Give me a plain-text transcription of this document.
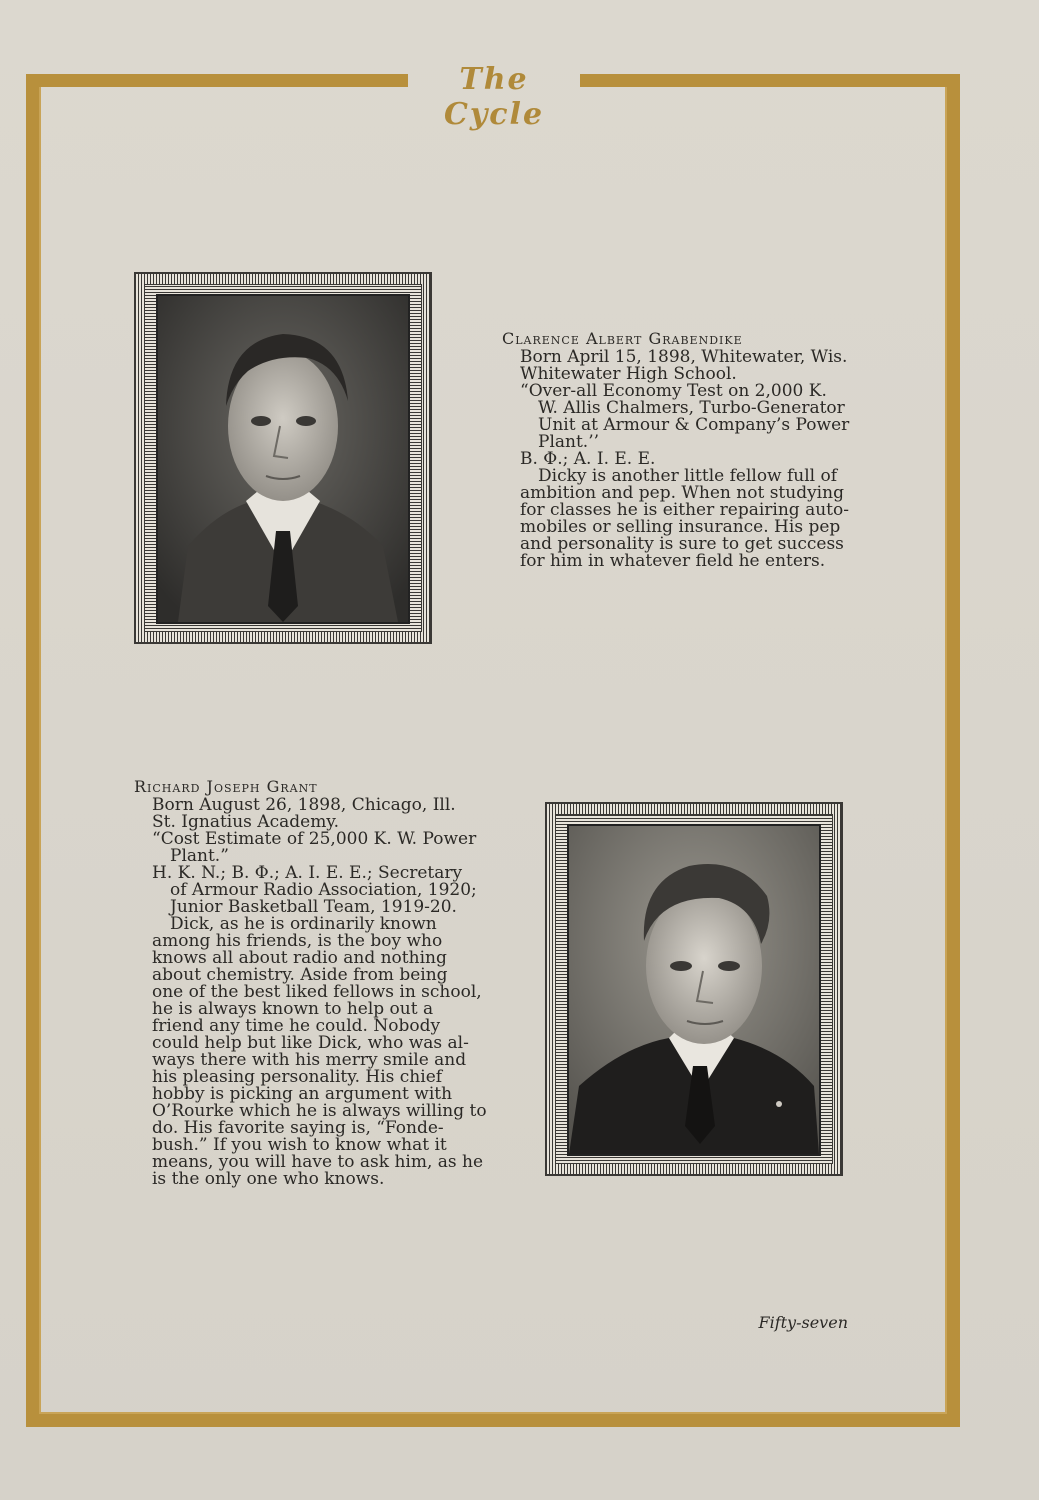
The Cycle
Clarence Albert Grabendike
Born April 15, 1898, Whitewater, Wis.
Whitewater High School.
“Over-all Economy Test on 2,000 K.
W. Allis Chalmers, Turbo-Generator
Unit at Armour & Company’s Power
Plant.’’
B. Φ.; A. I. E. E.
Dicky is another little fellow full of
ambition and pep. When not studying
for classes he is either repairing auto-
mobiles or selling insurance. His pep
and personality is sure to get success
for him in whatever field he enters.
Richard Joseph Grant
Born August 26, 1898, Chicago, Ill.
St. Ignatius Academy.
“Cost Estimate of 25,000 K. W. Power
Plant.”
H. K. N.; B. Φ.; A. I. E. E.; Secretary
of Armour Radio Association, 1920;
Junior Basketball Team, 1919-20.
Dick, as he is ordinarily known
among his friends, is the boy who
knows all about radio and nothing
about chemistry. Aside from being
one of the best liked fellows in school,
he is always known to help out a
friend any time he could. Nobody
could help but like Dick, who was al-
ways there with his merry smile and
his pleasing personality. His chief
hobby is picking an argument with
O’Rourke which he is always willing to
do. His favorite saying is, “Fonde-
bush.” If you wish to know what it
means, you will have to ask him, as he
is the only one who knows.
Fifty-seven
